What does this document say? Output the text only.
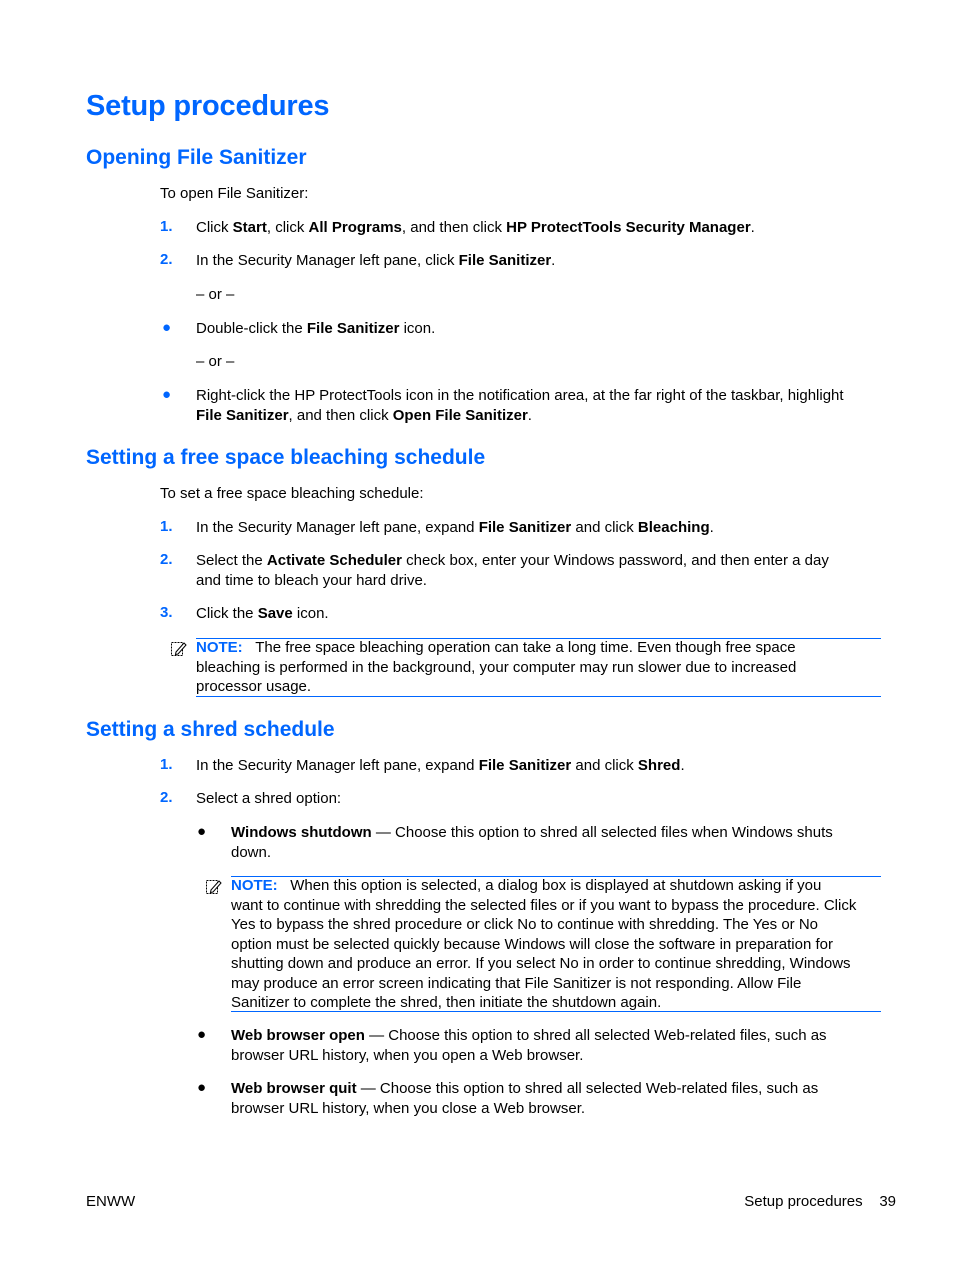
Setup procedures
Opening File Sanitizer
To open File Sanitizer:
1. Click Start, click All Programs, and then click HP ProtectTools Security Manager.
2. In the Security Manager left pane, click File Sanitizer.
– or –
● Double-click the File Sanitizer icon.
– or –
● Right-click the HP ProtectTools icon in the notification area, at the far right of the taskbar, highlight
File Sanitizer, and then click Open File Sanitizer.
Setting a free space bleaching schedule
To set a free space bleaching schedule:
1. In the Security Manager left pane, expand File Sanitizer and click Bleaching.
2. Select the Activate Scheduler check box, enter your Windows password, and then enter a day
and time to bleach your hard drive.
3. Click the Save icon.
NOTE: The free space bleaching operation can take a long time. Even though free space
bleaching is performed in the background, your computer may run slower due to increased
processor usage.
Setting a shred schedule
1. In the Security Manager left pane, expand File Sanitizer and click Shred.
2. Select a shred option:
● Windows shutdown — Choose this option to shred all selected files when Windows shuts
down.
NOTE: When this option is selected, a dialog box is displayed at shutdown asking if you
want to continue with shredding the selected files or if you want to bypass the procedure. Click
Yes to bypass the shred procedure or click No to continue with shredding. The Yes or No
option must be selected quickly because Windows will close the software in preparation for
shutting down and produce an error. If you select No in order to continue shredding, Windows
may produce an error screen indicating that File Sanitizer is not responding. Allow File
Sanitizer to complete the shred, then initiate the shutdown again.
● Web browser open — Choose this option to shred all selected Web-related files, such as
browser URL history, when you open a Web browser.
● Web browser quit — Choose this option to shred all selected Web-related files, such as
browser URL history, when you close a Web browser.
ENWW	Setup procedures 39
